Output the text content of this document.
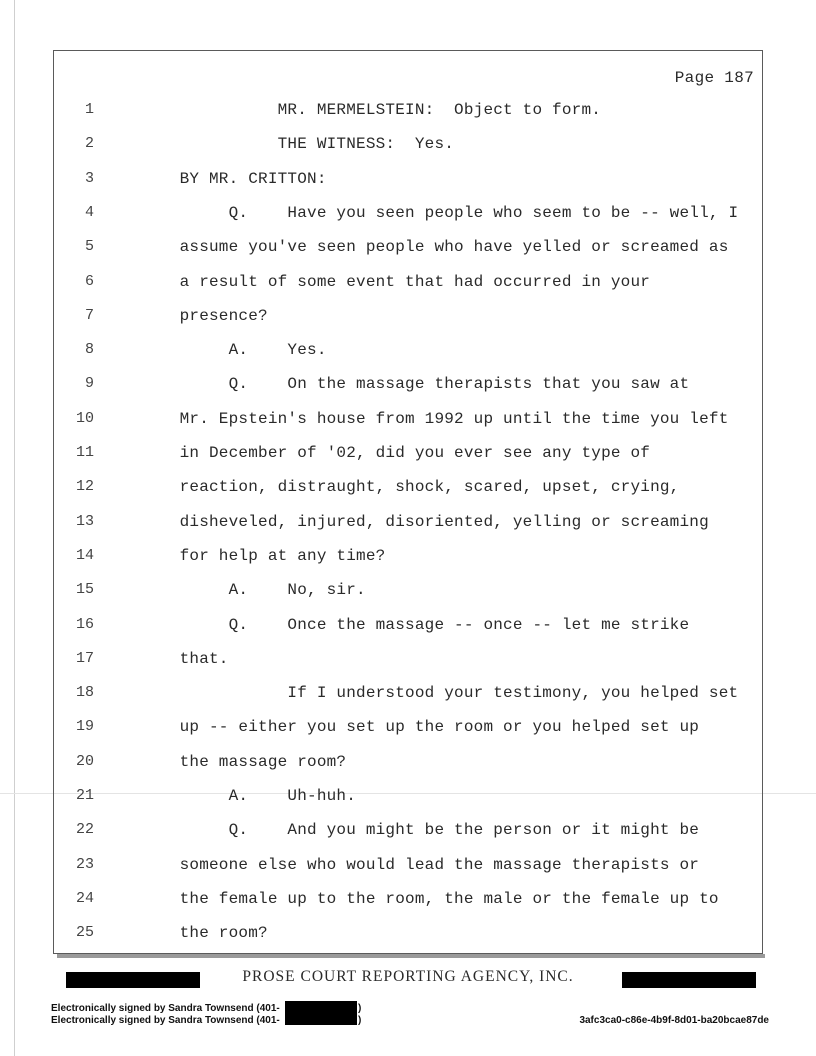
Page 187
1	MR. MERMELSTEIN:  Object to form.
2	THE WITNESS:  Yes.
3	BY MR. CRITTON:
4	Q.    Have you seen people who seem to be -- well, I
5	assume you've seen people who have yelled or screamed as
6	a result of some event that had occurred in your
7	presence?
8	A.    Yes.
9	Q.    On the massage therapists that you saw at
10	Mr. Epstein's house from 1992 up until the time you left
11	in December of '02, did you ever see any type of
12	reaction, distraught, shock, scared, upset, crying,
13	disheveled, injured, disoriented, yelling or screaming
14	for help at any time?
15	A.    No, sir.
16	Q.    Once the massage -- once -- let me strike
17	that.
18	If I understood your testimony, you helped set
19	up -- either you set up the room or you helped set up
20	the massage room?
21	A.    Uh-huh.
22	Q.    And you might be the person or it might be
23	someone else who would lead the massage therapists or
24	the female up to the room, the male or the female up to
25	the room?
PROSE COURT REPORTING AGENCY, INC.
Electronically signed by Sandra Townsend (401-	)
Electronically signed by Sandra Townsend (401-	)	3afc3ca0-c86e-4b9f-8d01-ba20bcae87de
